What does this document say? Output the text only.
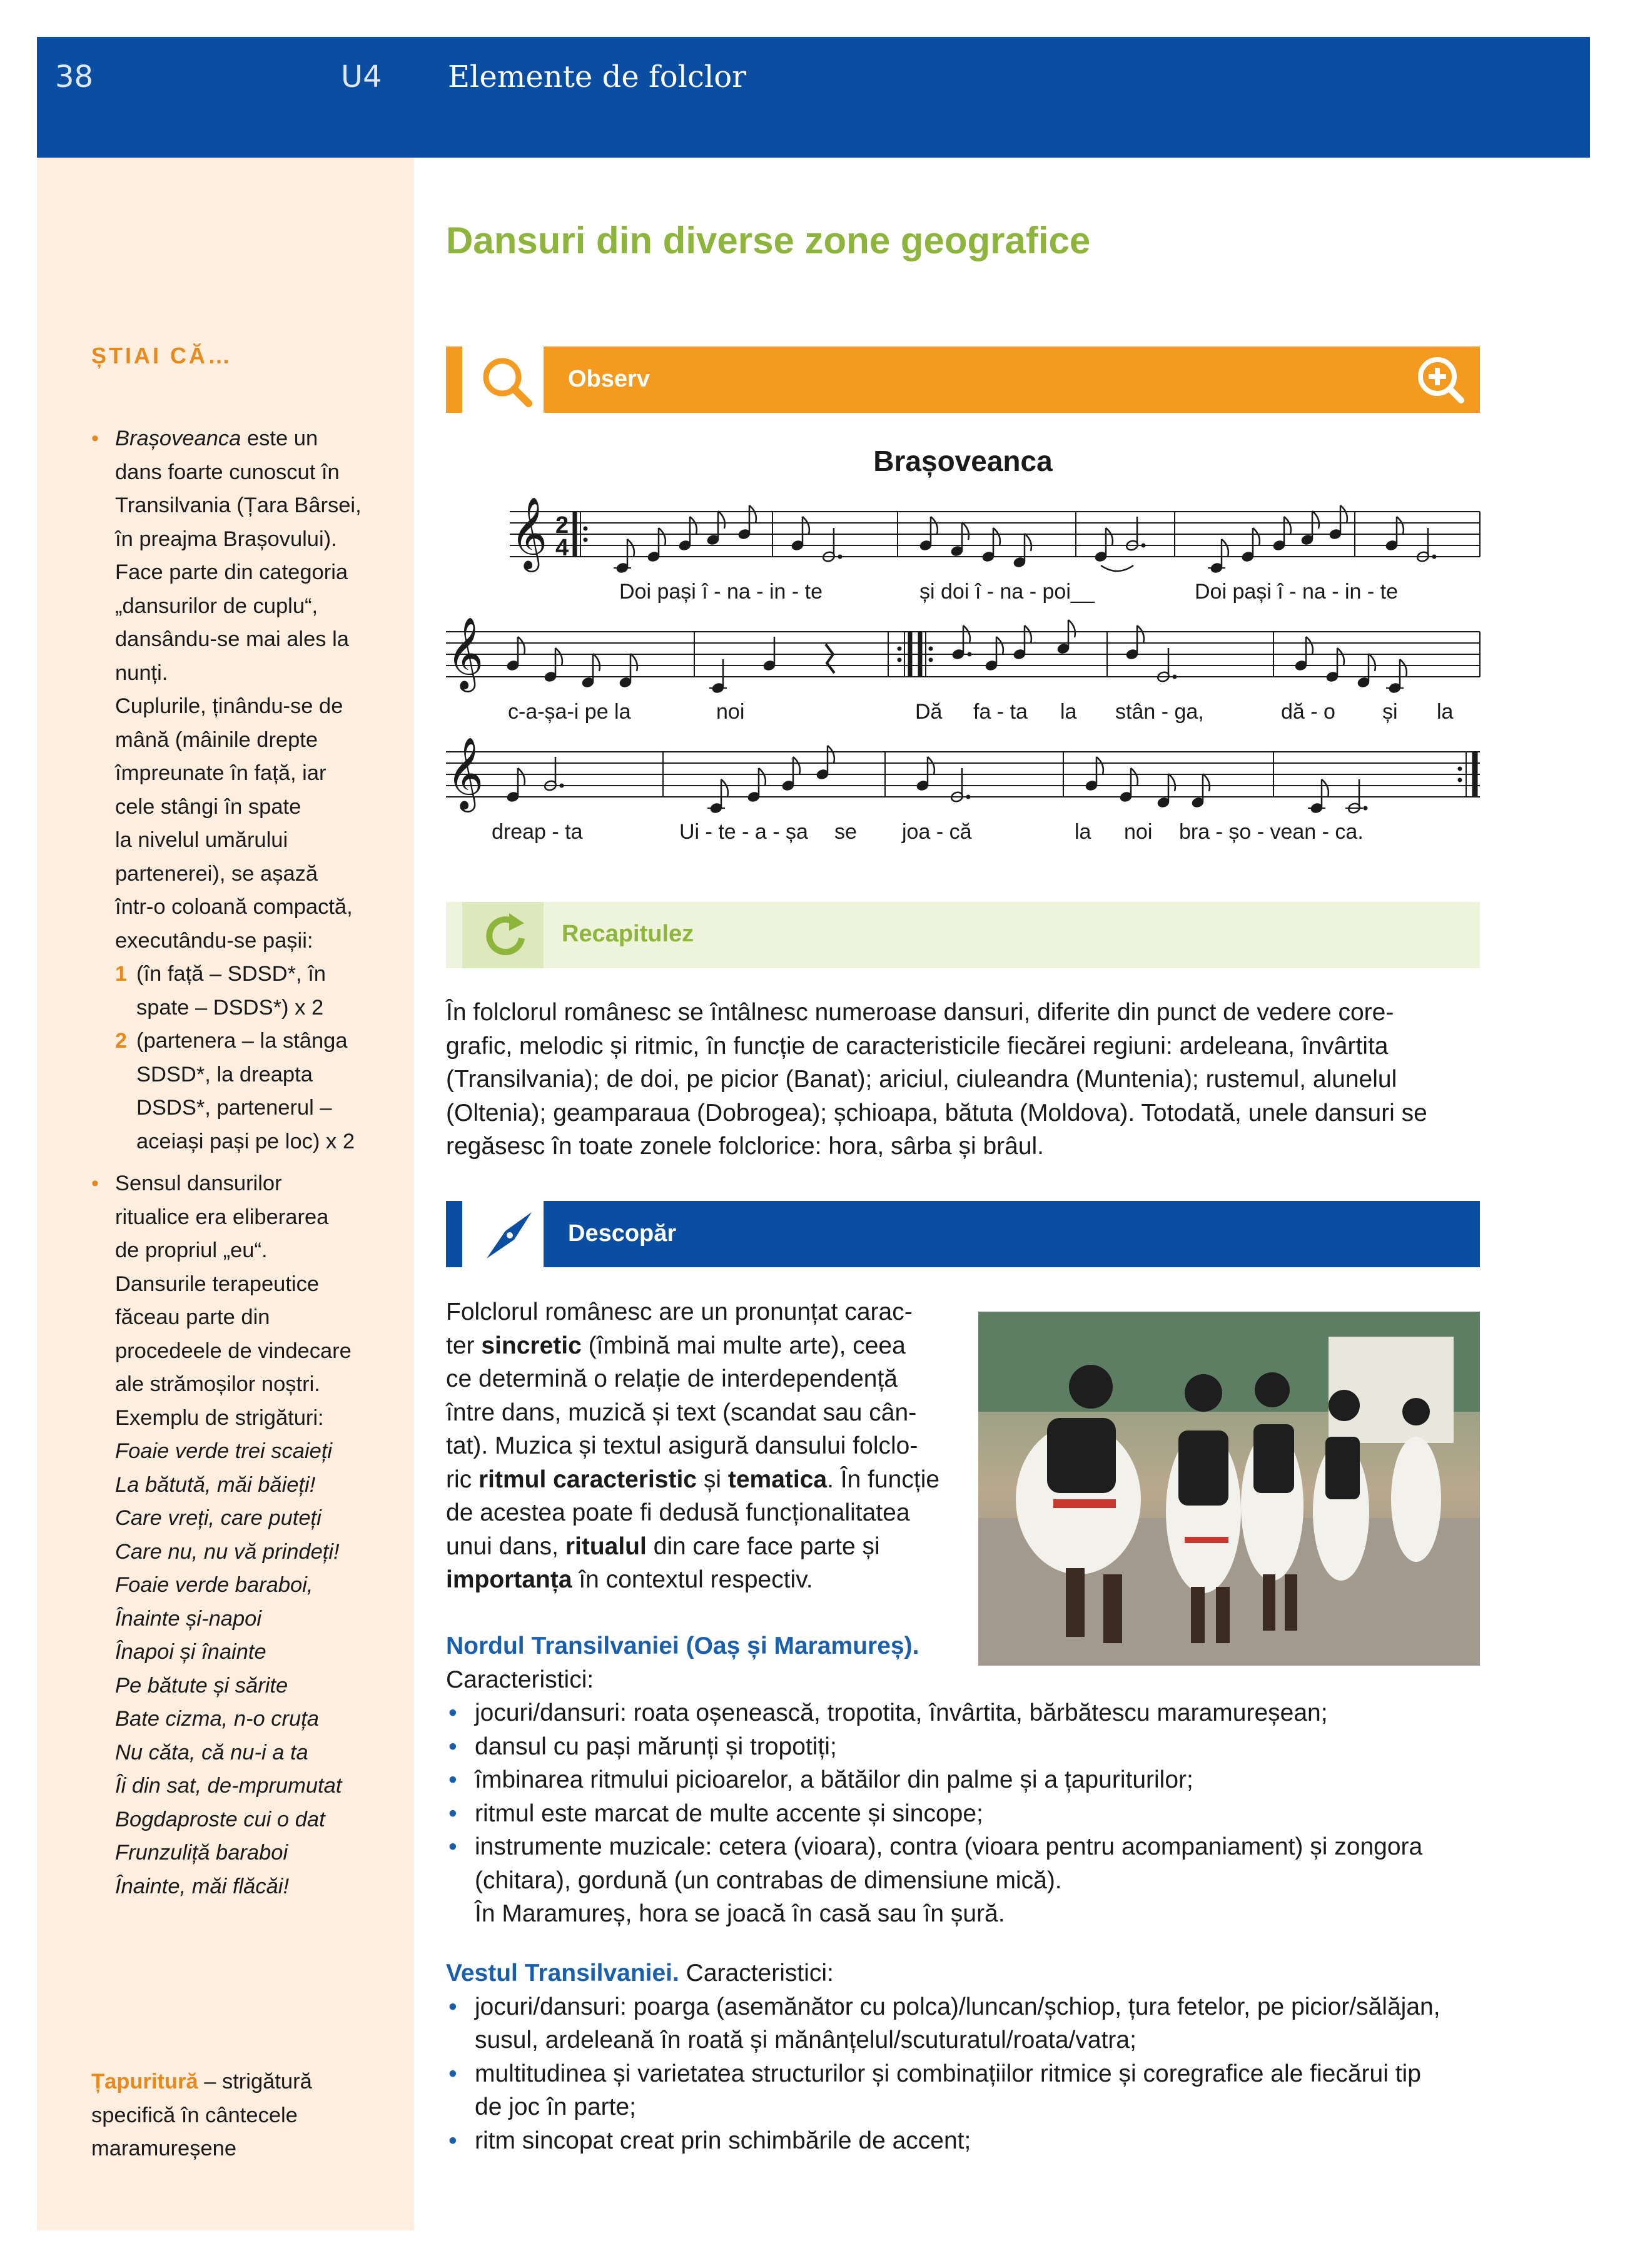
38	U4 Elemente de folclor
ȘTIAI CĂ…
• Brașoveanca este un
dans foarte cunoscut în
Transilvania (Țara Bârsei,
în preajma Brașovului).
Face parte din categoria
„dansurilor de cuplu“,
dansându-se mai ales la
nunți.
Cuplurile, ținându-se de
mână (mâinile drepte
împreunate în față, iar
cele stângi în spate
la nivelul umărului
partenerei), se așază
într-o coloană compactă,
executându-se pașii:

1 (în față – SDSD*, în
spate – DSDS*) x 2

2 (partenera – la stânga
SDSD*, la dreapta
DSDS*, partenerul –
aceiași pași pe loc) x 2

• Sensul dansurilor
ritualice era eliberarea
de propriul „eu“.
Dansurile terapeutice
făceau parte din
procedeele de vindecare
ale strămoșilor noștri.
Exemplu de strigături:
Foaie verde trei scaieți
La bătută, măi băieți!
Care vreți, care puteți
Care nu, nu vă prindeți!
Foaie verde baraboi,
Înainte și-napoi
Înapoi și înainte
Pe bătute și sărite
Bate cizma, n-o cruța
Nu căta, că nu-i a ta
Îi din sat, de-mprumutat
Bogdaproste cui o dat
Frunzuliță baraboi
Înainte, măi flăcăi!

Dansuri din diverse zone geografice
Observ
Brașoveanca
𝄞
𝄞
𝄞
2
4
Doi pași î - na - in - te	și doi î - na - poi__	Doi pași î - na - in - te
c-a-șa-i pe la	noi	Dă fa - ta la stân - ga,	dă - o și la
dreap - ta	Ui - te - a - șa se joa - că	la noi bra - șo - vean - ca.
Recapitulez
În folclorul românesc se întâlnesc numeroase dansuri, diferite din punct de vedere core-
grafic, melodic și ritmic, în funcție de caracteristicile fiecărei regiuni: ardeleana, învârtita
(Transilvania); de doi, pe picior (Banat); ariciul, ciuleandra (Muntenia); rustemul, alunelul
(Oltenia); geamparaua (Dobrogea); șchioapa, bătuta (Moldova). Totodată, unele dansuri se
regăsesc în toate zonele folclorice: hora, sârba și brâul.
Descopăr
Folclorul românesc are un pronunțat carac-
ter sincretic (îmbină mai multe arte), ceea
ce determină o relație de interdependență
între dans, muzică și text (scandat sau cân-
tat). Muzica și textul asigură dansului folclo-
ric ritmul caracteristic și tematica. În funcție
de acestea poate fi dedusă funcționalitatea
unui dans, ritualul din care face parte și
importanța în contextul respectiv.
Nordul Transilvaniei (Oaș și Maramureș).
Caracteristici:
• jocuri/dansuri: roata oșenească, tropotita, învârtita, bărbătescu maramureșean;
• dansul cu pași mărunți și tropotiți;
• îmbinarea ritmului picioarelor, a bătăilor din palme și a țapuriturilor;
• ritmul este marcat de multe accente și sincope;
• instrumente muzicale: cetera (vioara), contra (vioara pentru acompaniament) și zongora
(chitara), gordună (un contrabas de dimensiune mică).
În Maramureș, hora se joacă în casă sau în șură.
Vestul Transilvaniei. Caracteristici:
• jocuri/dansuri: poarga (asemănător cu polca)/luncan/șchiop, țura fetelor, pe picior/sălăjan,
susul, ardeleană în roată și mănânțelul/scuturatul/roata/vatra;
• multitudinea și varietatea structurilor și combinațiilor ritmice și coregrafice ale fiecărui tip
de joc în parte;
• ritm sincopat creat prin schimbările de accent;
Țapuritură – strigătură
specifică în cântecele
maramureșene
